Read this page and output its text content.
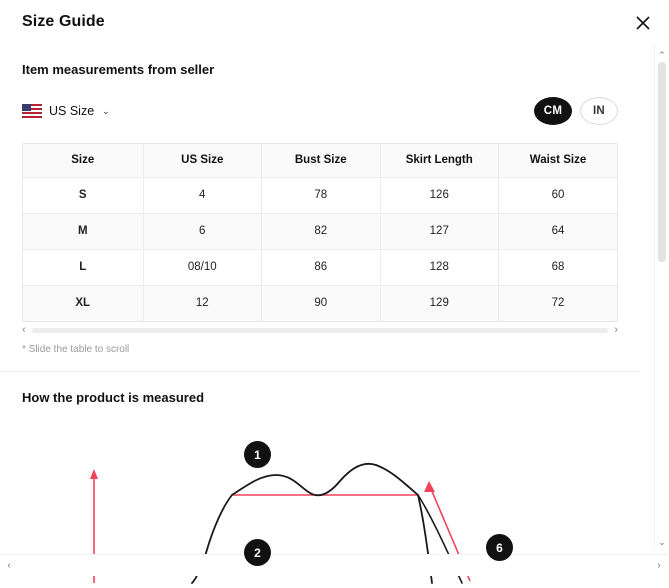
Size Guide
Item measurements from seller
US Size ⌄	CM	IN
Size	US Size	Bust Size	Skirt Length	Waist Size
S	4	78	126	60
M	6	82	127	64
L	08/10	86	128	68
XL	12	90	129	72
‹	›
* Slide the table to scroll
How the product is measured
1
2	6
⌃
⌄
‹	›
